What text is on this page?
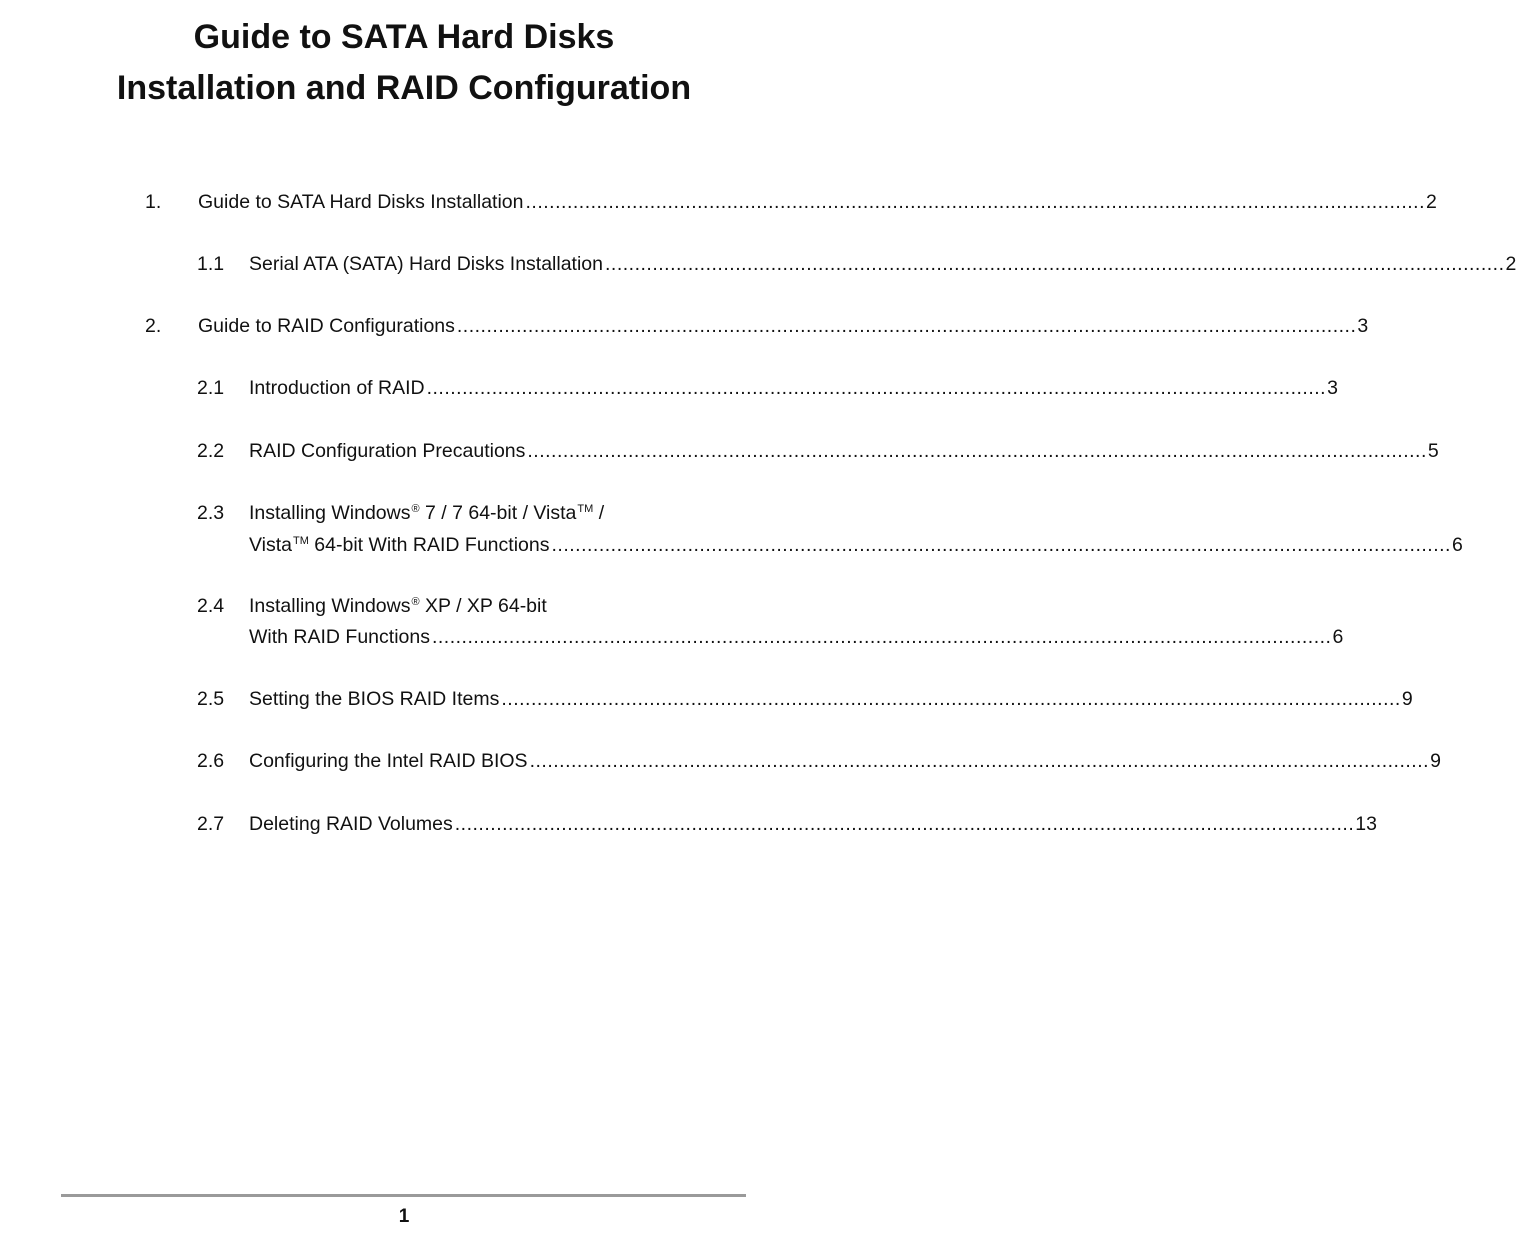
Guide to SATA Hard Disks
Installation and RAID Configuration
1. Guide to SATA Hard Disks Installation ........................................................................................................................................................ 2
1.1 Serial ATA (SATA) Hard Disks Installation ........................................................................................................................................................ 2
2. Guide to RAID Configurations ........................................................................................................................................................ 3
2.1 Introduction of RAID ........................................................................................................................................................ 3
2.2 RAID Configuration Precautions ........................................................................................................................................................ 5
2.3 Installing Windows® 7 / 7 64-bit / Vista™ /
Vista™ 64-bit With RAID Functions ........................................................................................................................................................ 6
2.4 Installing Windows® XP / XP 64-bit
With RAID Functions ........................................................................................................................................................ 6
2.5 Setting the BIOS RAID Items ........................................................................................................................................................ 9
2.6 Configuring the Intel RAID BIOS ........................................................................................................................................................ 9
2.7 Deleting RAID Volumes ........................................................................................................................................................ 13
1
